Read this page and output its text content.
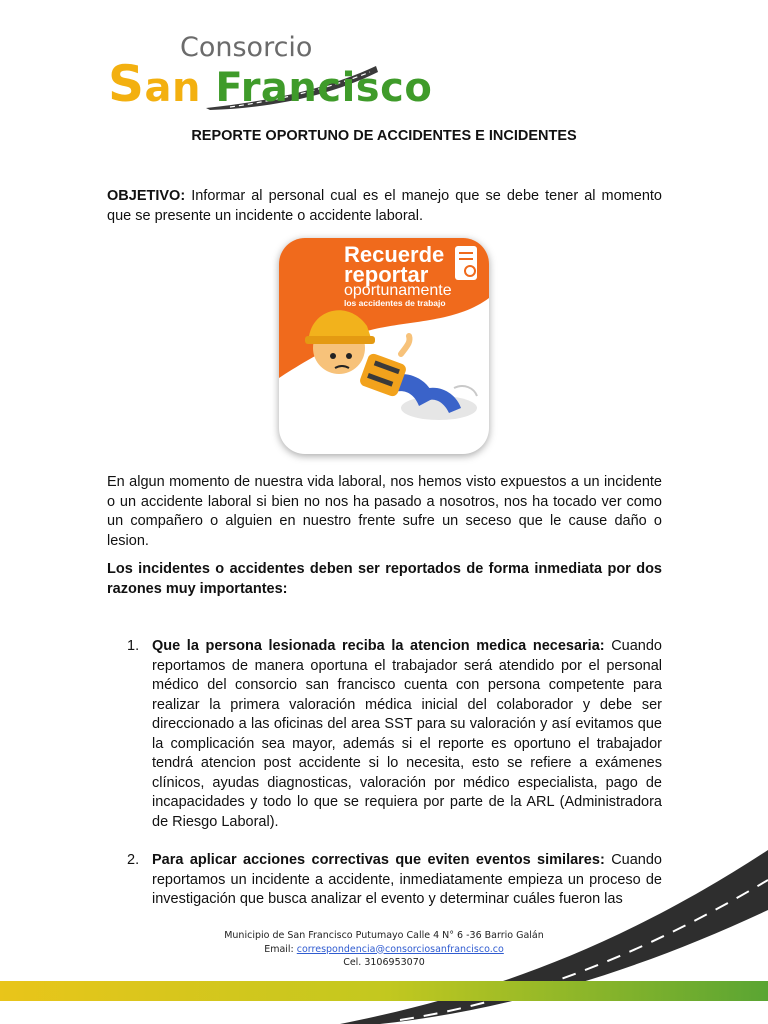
Consorcio
San Francisco
REPORTE OPORTUNO DE ACCIDENTES E INCIDENTES
OBJETIVO: Informar al personal cual es el manejo que se debe tener al momento que se presente un incidente o accidente laboral.
Recuerde
reportar
oportunamente
los accidentes de trabajo
En algun momento de nuestra vida laboral, nos hemos visto expuestos a un incidente o un accidente laboral si bien no nos ha pasado a nosotros, nos ha tocado ver como un compañero o alguien en nuestro frente sufre un seceso que le cause daño o lesion.
Los incidentes o accidentes deben ser reportados de forma inmediata por dos razones muy importantes:
1. Que la persona lesionada reciba la atencion medica necesaria: Cuando reportamos de manera oportuna el trabajador será atendido por el personal médico del consorcio san francisco cuenta con persona competente para realizar la primera valoración médica inicial del colaborador y debe ser direccionado a las oficinas del area SST para su valoración y así evitamos que la complicación sea mayor, además si el reporte es oportuno el trabajador tendrá atencion post accidente si lo necesita, esto se refiere a exámenes clínicos, ayudas diagnosticas, valoración por médico especialista, pago de incapacidades y todo lo que se requiera por parte de la ARL (Administradora de Riesgo Laboral).
2. Para aplicar acciones correctivas que eviten eventos similares: Cuando reportamos un incidente a accidente, inmediatamente empieza un proceso de investigación que busca analizar el evento y determinar cuáles fueron las
Municipio de San Francisco Putumayo Calle 4 N° 6 -36 Barrio Galán
Email: correspondencia@consorciosanfrancisco.co
Cel. 3106953070
